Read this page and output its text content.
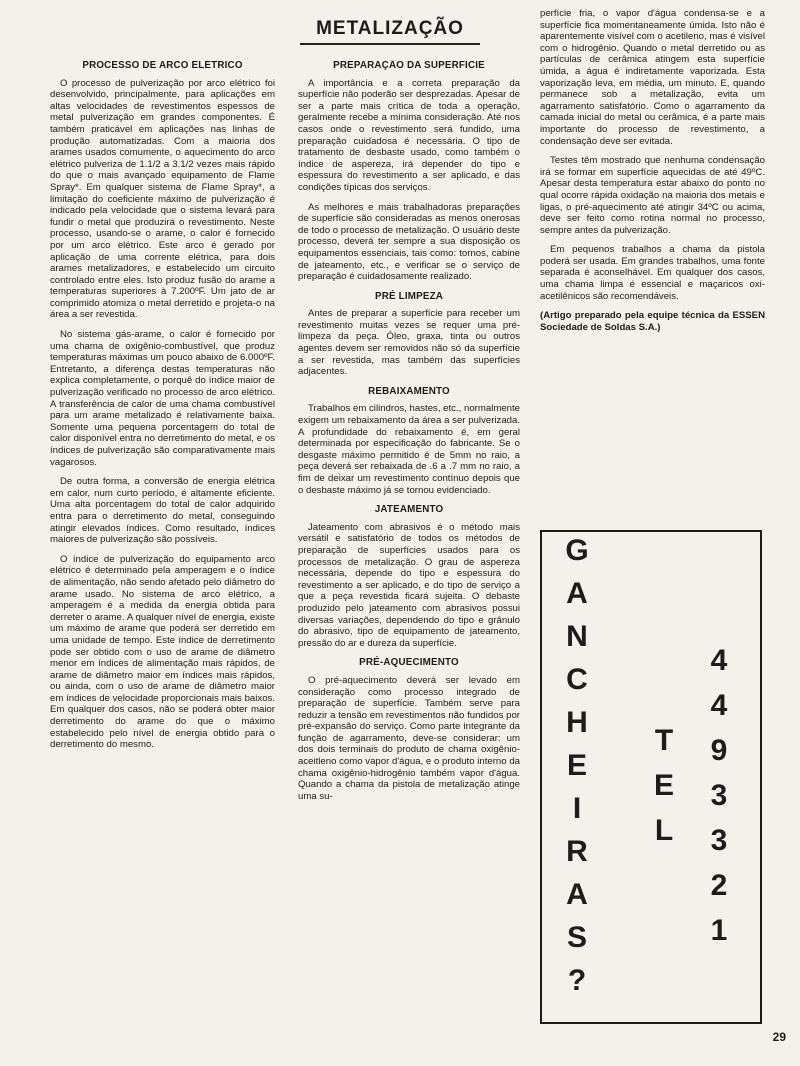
METALIZAÇÃO
PROCESSO DE ARCO ELÉTRICO

O processo de pulverização por arco elétrico foi desenvolvido, principalmente, para aplicações em altas velocidades de revestimentos espessos de metal pulverização em grandes componentes. É também praticável em aplicações nas linhas de produção automatizadas. Com a maioria dos arames usados comumente, o aquecimento do arco elétrico pulveriza de 1.1/2 a 3.1/2 vezes mais rápido do que o mais avançado equipamento de Flame Spray*. Em qualquer sistema de Flame Spray*, a limitação do coeficiente máximo de pulverização é indicado pela velocidade que o sistema levará para fundir o metal que produzirá o revestimento. Neste processo, usando-se o arame, o calor é fornecido por um arco elétrico. Este arco é gerado por aplicação de uma corrente elétrica, para dois arames metalizadores, e estabelecido um circuito controlado entre eles. Isto produz fusão do arame a temperaturas superiores à 7.200ºF. Um jato de ar comprimido atomiza o metal derretido e projeta-o na área a ser revestida.

No sistema gás-arame, o calor é fornecido por uma chama de oxigênio-combustível, que produz temperaturas máximas um pouco abaixo de 6.000ºF. Entretanto, a diferença destas temperaturas não explica completamente, o porquê do índice maior de pulverização verificado no processo de arco elétrico. A transferência de calor de uma chama combustível para um arame metalizado é relativamente baixa. Somente uma pequena porcentagem do total de calor disponível entra no derretimento do metal, e os índices de pulverização são comparativamente mais vagarosos.

De outra forma, a conversão de energia elétrica em calor, num curto período, é altamente eficiente. Uma alta porcentagem do total de calor adquirido entra para o derretimento do metal, conseguindo atingir elevados índices. Como resultado, índices maiores de pulverização são possíveis.

O índice de pulverização do equipamento arco elétrico é determinado pela amperagem e o índice de alimentação, não sendo afetado pelo diâmetro do arame usado. No sistema de arco elétrico, a amperagem é a medida da energia obtida para derreter o arame. A qualquer nível de energia, existe um máximo de arame que poderá ser derretido em uma unidade de tempo. Este índice de derretimento pode ser obtido com o uso de arame de diâmetro menor em índices de alimentação mais rápidos, de arame de diâmetro maior em índices mais rápidos, ou ainda, com o uso de arame de diâmetro maior em índices de velocidade proporcionais mais baixos. Em qualquer dos casos, não se poderá obter maior derretimento do arame do que o máximo estabelecido pelo nível de energia obtido para o derretimento do mesmo.

PREPARAÇÃO DA SUPERFÍCIE

A importância e a correta preparação da superfície não poderão ser desprezadas. Apesar de ser a parte mais crítica de toda a operação, geralmente recebe a mínima consideração. Até nos casos onde o revestimento será fundido, uma preparação cuidadosa é necessária. O tipo de tratamento de desbaste usado, como também o índice de aspereza, irá depender do tipo e espessura do revestimento a ser aplicado, e das condições típicas dos serviços.

As melhores e mais trabalhadoras preparações de superfície são consideradas as menos onerosas de todo o processo de metalização. O usuário deste processo, deverá ter sempre a sua disposição os equipamentos essenciais, tais como: tornos, cabine de jateamento, etc., e verificar se o serviço de preparação é cuidadosamente realizado.

PRÉ LIMPEZA

Antes de preparar a superfície para receber um revestimento muitas vezes se requer uma pré-limpeza da peça. Óleo, graxa, tinta ou outros agentes devem ser removidos não só da superfície a ser revestida, mas também das superfícies adjacentes.

REBAIXAMENTO

Trabalhos em cilindros, hastes, etc., normalmente exigem um rebaixamento da área a ser pulverizada. A profundidade do rebaixamento é, em geral determinada por especificação do fabricante. Se o desgaste máximo permitido é de 5mm no raio, a peça deverá ser rebaixada de .6 a .7 mm no raio, a fim de deixar um revestimento contínuo depois que o desbaste máximo já se tornou evidenciado.

JATEAMENTO

Jateamento com abrasivos é o método mais versátil e satisfatório de todos os métodos de preparação de superfícies usados para os processos de metalização. O grau de aspereza necessária, depende do tipo e espessura do revestimento a ser aplicado, e do tipo de serviço a que a peça revestida ficará sujeita. O debaste produzido pelo jateamento com abrasivos possui diversas variações, dependendo do tipo e grânulo do abrasivo, tipo de equipamento de jateamento, pressão do ar e dureza da superfície.

PRÉ-AQUECIMENTO

O pré-aquecimento deverá ser levado em consideração como processo integrado de preparação de superfície. Também serve para reduzir a tensão em revestimentos não fundidos por pré-expansão do serviço. Como parte integrante da função de agarramento, deve-se considerar: um dos dois terminais do produto de chama oxigênio-aceitleno como vapor d'água, e o produto interno da chama oxigênio-hidrogênio também vapor d'água. Quando a chama da pistola de metalização atinge uma su-

perfície fria, o vapor d'água condensa-se e a superfície fica momentaneamente úmida. Isto não é aparentemente visível com o acetileno, mas é visível com o hidrogênio. Quando o metal derretido ou as partículas de cerâmica atingem esta superfície úmida, a água é indiretamente vaporizada. Esta vaporização leva, em média, um minuto. E, quando permanece sob a metalização, evita um agarramento satisfatório. Como o agarramento da camada inicial do metal ou cerâmica, é a parte mais importante do processo de revestimento, a condensação deve ser evitada.

Testes têm mostrado que nenhuma condensação irá se formar em superfície aquecidas de até 49ºC. Apesar desta temperatura estar abaixo do ponto no qual ocorre rápida oxidação na maioria dos metais e ligas, o pré-aquecimento até atingir 34ºC ou acima, deve ser feito como rotina normal no processo, sempre antes da pulverização.

Em pequenos trabalhos a chama da pistola poderá ser usada. Em grandes trabalhos, uma fonte separada é aconselhável. Em qualquer dos casos, uma chama limpa é essencial e maçaricos oxi-acetilênicos são recomendáveis.

(Artigo preparado pela equipe técnica da ESSEN Sociedade de Soldas S.A.)

G
A
N
C
H
E
I
R
A
S
?
T
E
L
4
4
9
3
3
2
1
29
